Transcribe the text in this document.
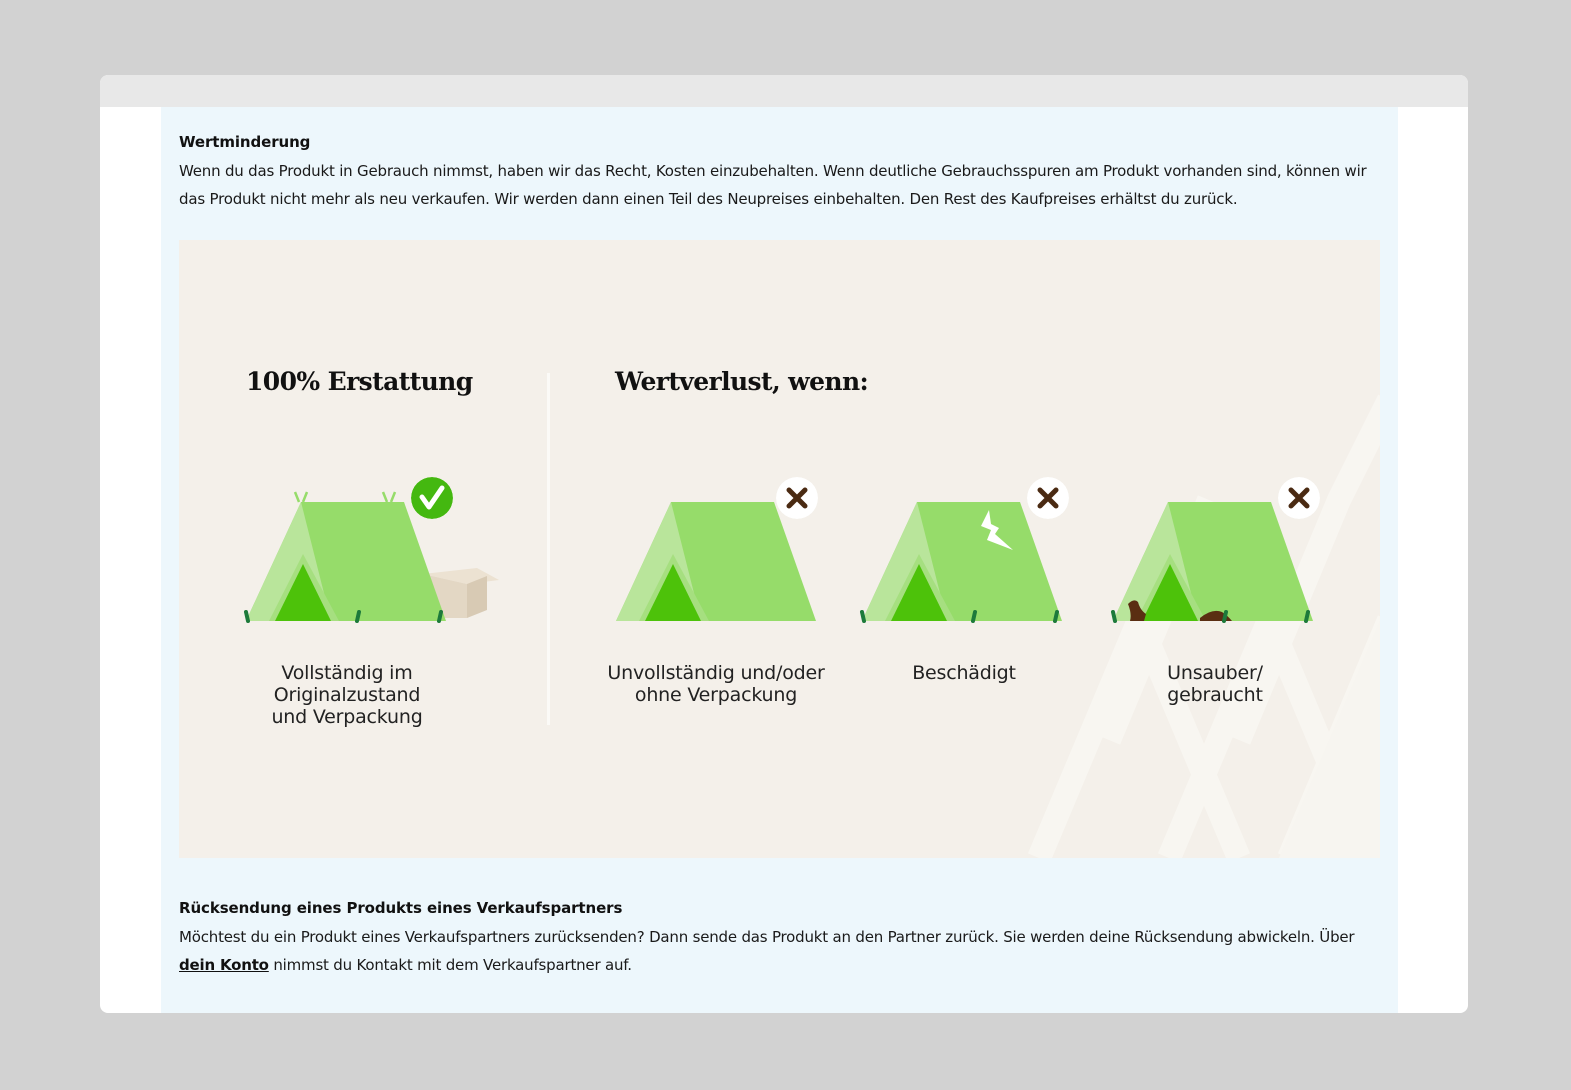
Wertminderung

Wenn du das Produkt in Gebrauch nimmst, haben wir das Recht, Kosten einzubehalten. Wenn deutliche Gebrauchsspuren am Produkt vorhanden sind, können wir das Produkt nicht mehr als neu verkaufen. Wir werden dann einen Teil des Neupreises einbehalten. Den Rest des Kaufpreises erhältst du zurück.

100% Erstattung	Wertverlust, wenn:

Vollständig im
Originalzustand
und Verpackung

Unvollständig und/oder
ohne Verpackung

Beschädigt	Unsauber/
gebraucht

Rücksendung eines Produkts eines Verkaufspartners

Möchtest du ein Produkt eines Verkaufspartners zurücksenden? Dann sende das Produkt an den Partner zurück. Sie werden deine Rücksendung abwickeln. Über dein Konto nimmst du Kontakt mit dem Verkaufspartner auf.
